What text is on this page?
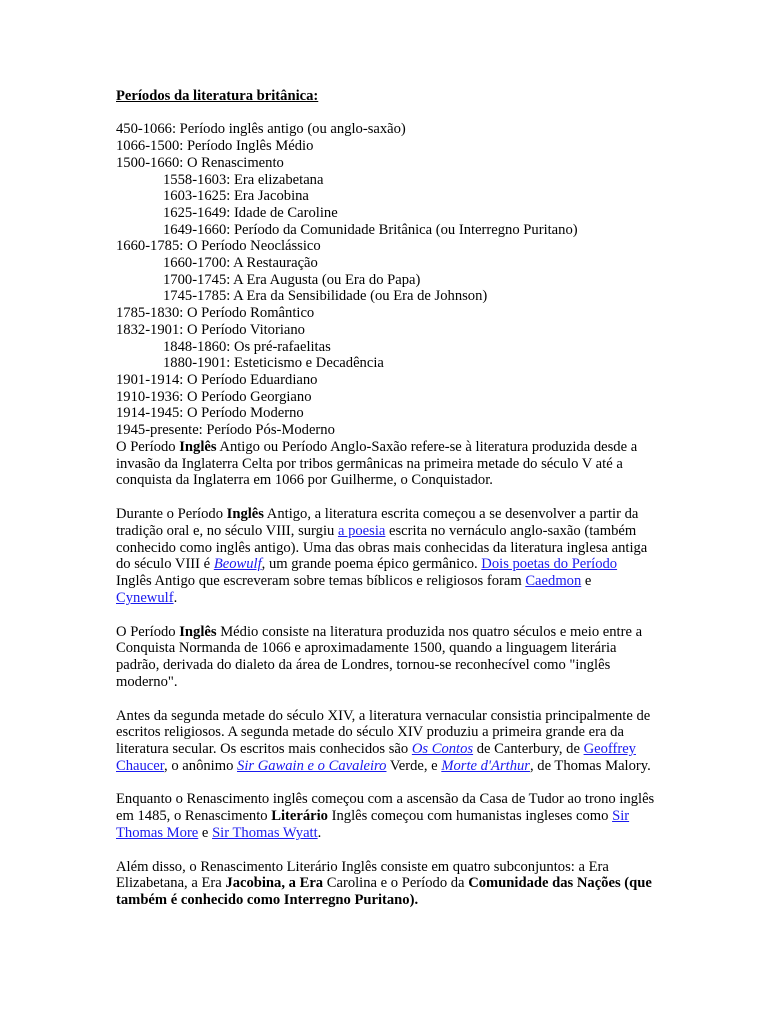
Períodos da literatura britânica:
450-1066: Período inglês antigo (ou anglo-saxão)
1066-1500: Período Inglês Médio
1500-1660: O Renascimento
1558-1603: Era elizabetana
1603-1625: Era Jacobina
1625-1649: Idade de Caroline
1649-1660: Período da Comunidade Britânica (ou Interregno Puritano)
1660-1785: O Período Neoclássico
1660-1700: A Restauração
1700-1745: A Era Augusta (ou Era do Papa)
1745-1785: A Era da Sensibilidade (ou Era de Johnson)
1785-1830: O Período Romântico
1832-1901: O Período Vitoriano
1848-1860: Os pré-rafaelitas
1880-1901: Esteticismo e Decadência
1901-1914: O Período Eduardiano
1910-1936: O Período Georgiano
1914-1945: O Período Moderno
1945-presente: Período Pós-Moderno
O Período Inglês Antigo ou Período Anglo-Saxão refere-se à literatura produzida desde a invasão da Inglaterra Celta por tribos germânicas na primeira metade do século V até a conquista da Inglaterra em 1066 por Guilherme, o Conquistador.
Durante o Período Inglês Antigo, a literatura escrita começou a se desenvolver a partir da tradição oral e, no século VIII, surgiu a poesia escrita no vernáculo anglo-saxão (também conhecido como inglês antigo). Uma das obras mais conhecidas da literatura inglesa antiga do século VIII é Beowulf, um grande poema épico germânico. Dois poetas do Período Inglês Antigo que escreveram sobre temas bíblicos e religiosos foram Caedmon e Cynewulf.
O Período Inglês Médio consiste na literatura produzida nos quatro séculos e meio entre a Conquista Normanda de 1066 e aproximadamente 1500, quando a linguagem literária padrão, derivada do dialeto da área de Londres, tornou-se reconhecível como "inglês moderno".
Antes da segunda metade do século XIV, a literatura vernacular consistia principalmente de escritos religiosos. A segunda metade do século XIV produziu a primeira grande era da literatura secular. Os escritos mais conhecidos são Os Contos de Canterbury, de Geoffrey Chaucer, o anônimo Sir Gawain e o Cavaleiro Verde, e Morte d'Arthur, de Thomas Malory.
Enquanto o Renascimento inglês começou com a ascensão da Casa de Tudor ao trono inglês em 1485, o Renascimento Literário Inglês começou com humanistas ingleses como Sir Thomas More e Sir Thomas Wyatt.
Além disso, o Renascimento Literário Inglês consiste em quatro subconjuntos: a Era Elizabetana, a Era Jacobina, a Era Carolina e o Período da Comunidade das Nações (que também é conhecido como Interregno Puritano).
